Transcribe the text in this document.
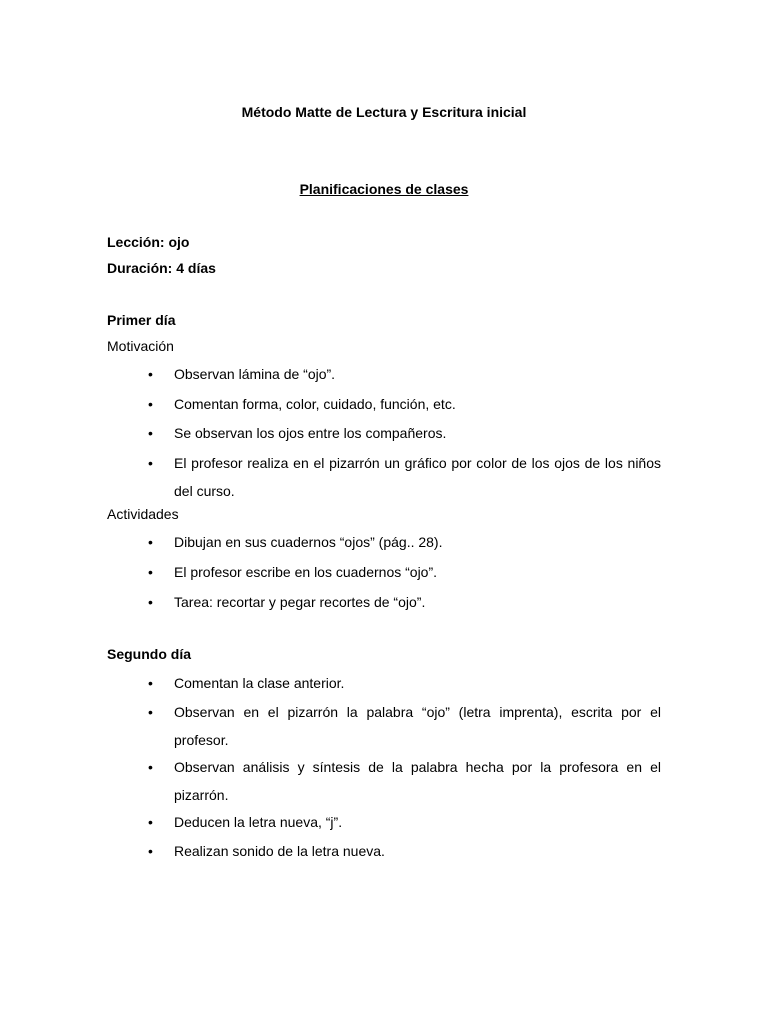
Método Matte de Lectura y Escritura inicial
Planificaciones de clases
Lección: ojo
Duración: 4 días
Primer día
Motivación
•	Observan lámina de “ojo”.
•	Comentan forma, color, cuidado, función, etc.
•	Se observan los ojos entre los compañeros.
•	El profesor realiza en el pizarrón un gráfico por color de los ojos de los niños del curso.
Actividades
•	Dibujan en sus cuadernos “ojos” (pág.. 28).
•	El profesor escribe en los cuadernos “ojo”.
•	Tarea: recortar y pegar recortes de “ojo”.
Segundo día
•	Comentan la clase anterior.
•	Observan en el pizarrón la palabra “ojo” (letra imprenta), escrita por el profesor.
•	Observan análisis y síntesis de la palabra hecha por la profesora en el pizarrón.
•	Deducen la letra nueva, “j”.
•	Realizan sonido de la letra nueva.
